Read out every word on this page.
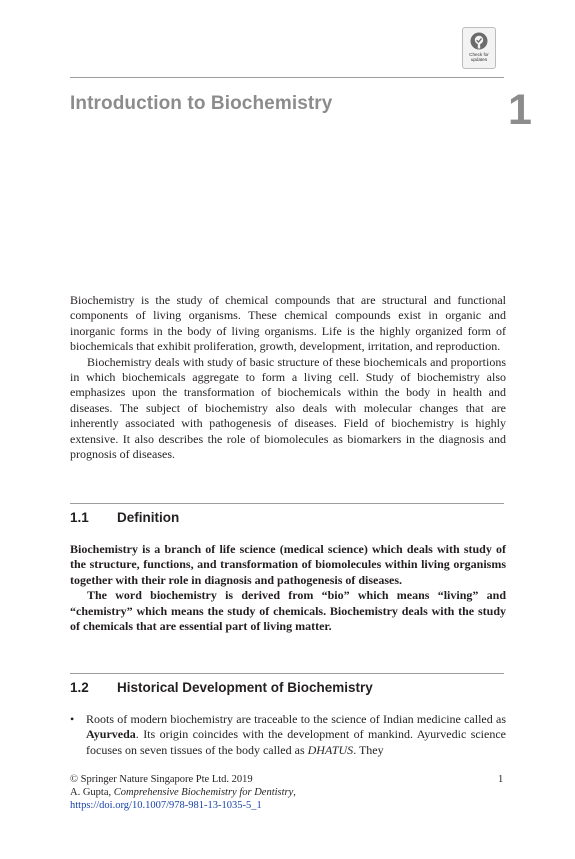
Check for
updates
Introduction to Biochemistry	1

Biochemistry is the study of chemical compounds that are structural and functional components of living organisms. These chemical compounds exist in organic and inorganic forms in the body of living organisms. Life is the highly organized form of biochemicals that exhibit proliferation, growth, development, irritation, and reproduction.

Biochemistry deals with study of basic structure of these biochemicals and proportions in which biochemicals aggregate to form a living cell. Study of biochemistry also emphasizes upon the transformation of biochemicals within the body in health and diseases. The subject of biochemistry also deals with molecular changes that are inherently associated with pathogenesis of diseases. Field of biochemistry is highly extensive. It also describes the role of biomolecules as biomarkers in the diagnosis and prognosis of diseases.

1.1 Definition

Biochemistry is a branch of life science (medical science) which deals with study of the structure, functions, and transformation of biomolecules within living organisms together with their role in diagnosis and pathogenesis of diseases.

The word biochemistry is derived from “bio” which means “living” and “chemistry” which means the study of chemicals. Biochemistry deals with the study of chemicals that are essential part of living matter.

1.2 Historical Development of Biochemistry
• Roots of modern biochemistry are traceable to the science of Indian medicine called as Ayurveda. Its origin coincides with the development of mankind. Ayurvedic science focuses on seven tissues of the body called as DHATUS. They

© Springer Nature Singapore Pte Ltd. 2019
A. Gupta, Comprehensive Biochemistry for Dentistry,
https://doi.org/10.1007/978-981-13-1035-5_1
1
